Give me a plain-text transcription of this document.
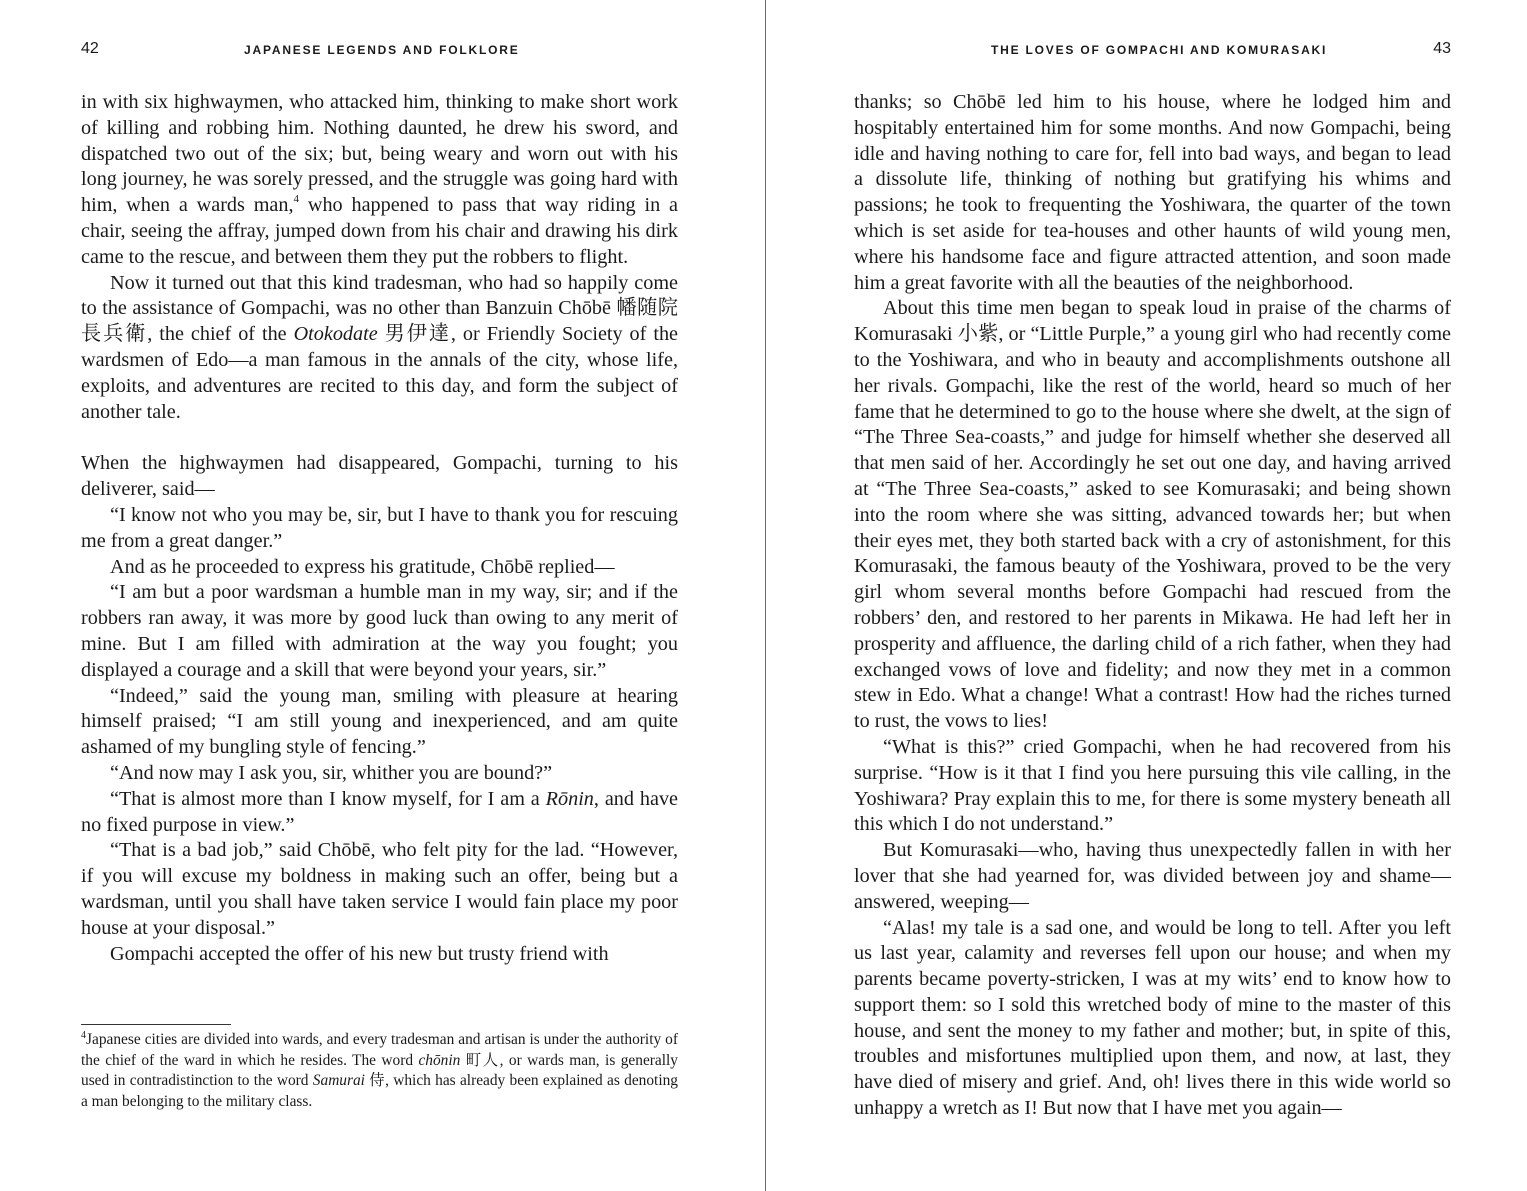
42	JAPANESE LEGENDS AND FOLKLORE

in with six highwaymen, who attacked him, thinking to make short work of killing and robbing him. Nothing daunted, he drew his sword, and dispatched two out of the six; but, being weary and worn out with his long journey, he was sorely pressed, and the struggle was going hard with him, when a wards man,$^4$ who happened to pass that way riding in a chair, seeing the affray, jumped down from his chair and drawing his dirk came to the rescue, and between them they put the robbers to flight.

Now it turned out that this kind tradesman, who had so happily come to the assistance of Gompachi, was no other than Banzuin Chōbē 幡随院長兵衛, the chief of the Otokodate 男伊達, or Friendly Society of the wardsmen of Edo—a man famous in the annals of the city, whose life, exploits, and adventures are recited to this day, and form the subject of another tale.

When the highwaymen had disappeared, Gompachi, turning to his deliverer, said—

“I know not who you may be, sir, but I have to thank you for rescuing me from a great danger.”

And as he proceeded to express his gratitude, Chōbē replied—

“I am but a poor wardsman a humble man in my way, sir; and if the robbers ran away, it was more by good luck than owing to any merit of mine. But I am filled with admiration at the way you fought; you displayed a courage and a skill that were beyond your years, sir.”

“Indeed,” said the young man, smiling with pleasure at hearing himself praised; “I am still young and inexperienced, and am quite ashamed of my bungling style of fencing.”

“And now may I ask you, sir, whither you are bound?”

“That is almost more than I know myself, for I am a Rōnin, and have no fixed purpose in view.”

“That is a bad job,” said Chōbē, who felt pity for the lad. “However, if you will excuse my boldness in making such an offer, being but a wardsman, until you shall have taken service I would fain place my poor house at your disposal.”

Gompachi accepted the offer of his new but trusty friend with

$^4$Japanese cities are divided into wards, and every tradesman and artisan is under the authority of the chief of the ward in which he resides. The word chōnin 町人, or wards man, is generally used in contradistinction to the word Samurai 侍, which has already been explained as denoting a man belonging to the military class.
THE LOVES OF GOMPACHI AND KOMURASAKI	43

thanks; so Chōbē led him to his house, where he lodged him and hospitably entertained him for some months. And now Gompachi, being idle and having nothing to care for, fell into bad ways, and began to lead a dissolute life, thinking of nothing but gratifying his whims and passions; he took to frequenting the Yoshiwara, the quarter of the town which is set aside for tea-houses and other haunts of wild young men, where his handsome face and figure attracted attention, and soon made him a great favorite with all the beauties of the neighborhood.

About this time men began to speak loud in praise of the charms of Komurasaki 小紫, or “Little Purple,” a young girl who had recently come to the Yoshiwara, and who in beauty and accomplishments outshone all her rivals. Gompachi, like the rest of the world, heard so much of her fame that he determined to go to the house where she dwelt, at the sign of “The Three Sea-coasts,” and judge for himself whether she deserved all that men said of her. Accordingly he set out one day, and having arrived at “The Three Sea-coasts,” asked to see Komurasaki; and being shown into the room where she was sitting, advanced towards her; but when their eyes met, they both started back with a cry of astonishment, for this Komurasaki, the famous beauty of the Yoshiwara, proved to be the very girl whom several months before Gompachi had rescued from the robbers’ den, and restored to her parents in Mikawa. He had left her in prosperity and affluence, the darling child of a rich father, when they had exchanged vows of love and fidelity; and now they met in a common stew in Edo. What a change! What a contrast! How had the riches turned to rust, the vows to lies!

“What is this?” cried Gompachi, when he had recovered from his surprise. “How is it that I find you here pursuing this vile calling, in the Yoshiwara? Pray explain this to me, for there is some mystery beneath all this which I do not understand.”

But Komurasaki—who, having thus unexpectedly fallen in with her lover that she had yearned for, was divided between joy and shame—answered, weeping—

“Alas! my tale is a sad one, and would be long to tell. After you left us last year, calamity and reverses fell upon our house; and when my parents became poverty-stricken, I was at my wits’ end to know how to support them: so I sold this wretched body of mine to the master of this house, and sent the money to my father and mother; but, in spite of this, troubles and misfortunes multiplied upon them, and now, at last, they have died of misery and grief. And, oh! lives there in this wide world so unhappy a wretch as I! But now that I have met you again—
